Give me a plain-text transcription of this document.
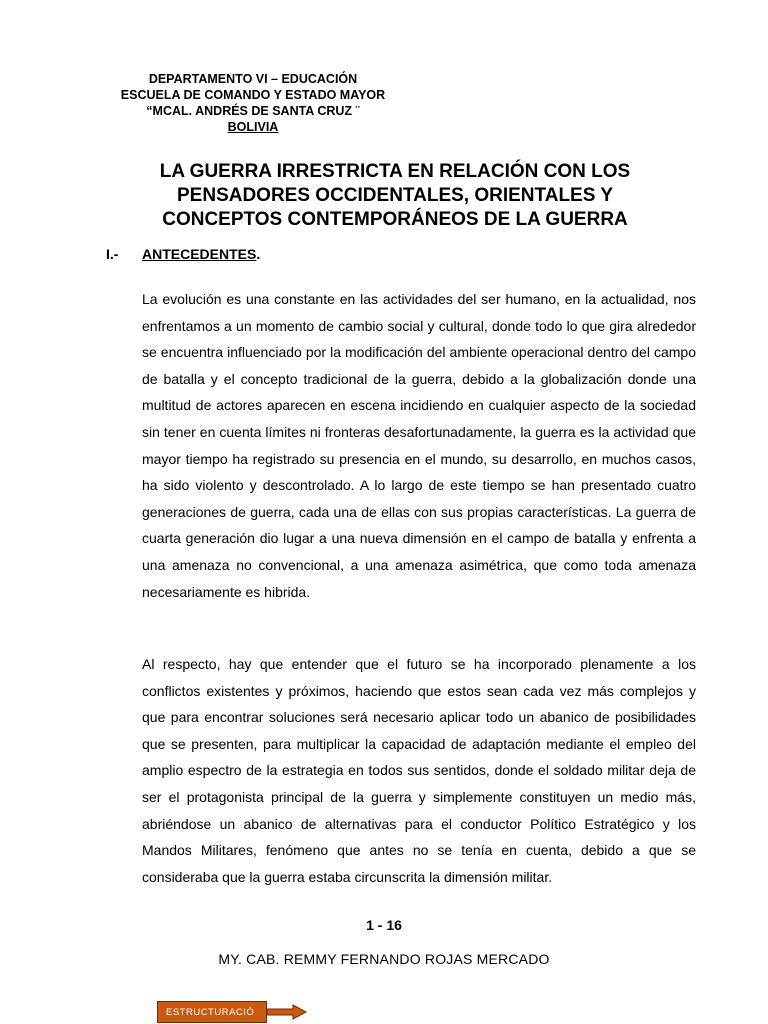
DEPARTAMENTO VI – EDUCACIÓN
ESCUELA DE COMANDO Y ESTADO MAYOR
“MCAL. ANDRÉS DE SANTA CRUZ ¨
BOLIVIA
LA GUERRA IRRESTRICTA EN RELACIÓN CON LOS PENSADORES OCCIDENTALES, ORIENTALES Y CONCEPTOS CONTEMPORÁNEOS DE LA GUERRA
I.- ANTECEDENTES.
La evolución es una constante en las actividades del ser humano, en la actualidad, nos enfrentamos a un momento de cambio social y cultural, donde todo lo que gira alrededor se encuentra influenciado por la modificación del ambiente operacional dentro del campo de batalla y el concepto tradicional de la guerra, debido a la globalización donde una multitud de actores aparecen en escena incidiendo en cualquier aspecto de la sociedad sin tener en cuenta límites ni fronteras desafortunadamente, la guerra es la actividad que mayor tiempo ha registrado su presencia en el mundo, su desarrollo, en muchos casos, ha sido violento y descontrolado. A lo largo de este tiempo se han presentado cuatro generaciones de guerra, cada una de ellas con sus propias características. La guerra de cuarta generación dio lugar a una nueva dimensión en el campo de batalla y enfrenta a una amenaza no convencional, a una amenaza asimétrica, que como toda amenaza necesariamente es hibrida.
Al respecto, hay que entender que el futuro se ha incorporado plenamente a los conflictos existentes y próximos, haciendo que estos sean cada vez más complejos y que para encontrar soluciones será necesario aplicar todo un abanico de posibilidades que se presenten, para multiplicar la capacidad de adaptación mediante el empleo del amplio espectro de la estrategia en todos sus sentidos, donde el soldado militar deja de ser el protagonista principal de la guerra y simplemente constituyen un medio más, abriéndose un abanico de alternativas para el conductor Político Estratégico y los Mandos Militares, fenómeno que antes no se tenía en cuenta, debido a que se consideraba que la guerra estaba circunscrita la dimensión militar.
1 - 16
MY. CAB. REMMY FERNANDO ROJAS MERCADO
ESTRUCTURACIÓ
